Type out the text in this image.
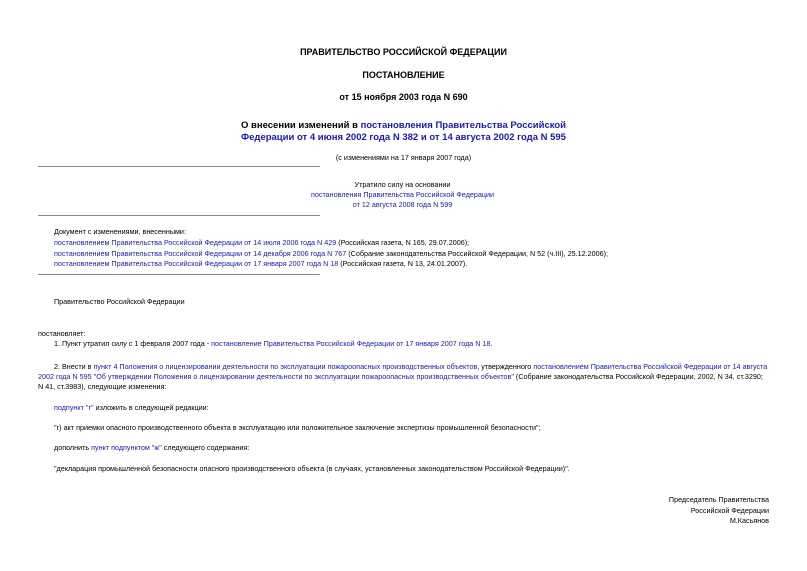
ПРАВИТЕЛЬСТВО РОССИЙСКОЙ ФЕДЕРАЦИИ
ПОСТАНОВЛЕНИЕ
от 15 ноября 2003 года N 690
О внесении изменений в постановления Правительства Российской
Федерации от 4 июня 2002 года N 382 и от 14 августа 2002 года N 595
(с изменениями на 17 января 2007 года)
Утратило силу на основании
постановления Правительства Российской Федерации
от 12 августа 2008 года N 599
Документ с изменениями, внесенными:
постановлением Правительства Российской Федерации от 14 июля 2006 года N 429 (Российская газета, N 165, 29.07.2006);
постановлением Правительства Российской Федерации от 14 декабря 2006 года N 767 (Собрание законодательства Российской Федерации, N 52 (ч.III), 25.12.2006);
постановлением Правительства Российской Федерации от 17 января 2007 года N 18 (Российская газета, N 13, 24.01.2007).
Правительство Российской Федерации
постановляет:
1. Пункт утратил силу с 1 февраля 2007 года - постановление Правительства Российской Федерации от 17 января 2007 года N 18.
2. Внести в пункт 4 Положения о лицензировании деятельности по эксплуатации пожароопасных производственных объектов, утвержденного постановлением Правительства Российской Федерации от 14 августа
2002 года N 595 "Об утверждении Положения о лицензировании деятельности по эксплуатации пожароопасных производственных объектов" (Собрание законодательства Российской Федерации, 2002, N 34, ст.3290;
N 41, ст.3983), следующие изменения:
подпункт "г" изложить в следующей редакции:
"г) акт приемки опасного производственного объекта в эксплуатацию или положительное заключение экспертизы промышленной безопасности";
дополнить пункт подпунктом "ж" следующего содержания:
"декларация промышленной безопасности опасного производственного объекта (в случаях, установленных законодательством Российской Федерации)".
Председатель Правительства
Российской Федерации
М.Касьянов
